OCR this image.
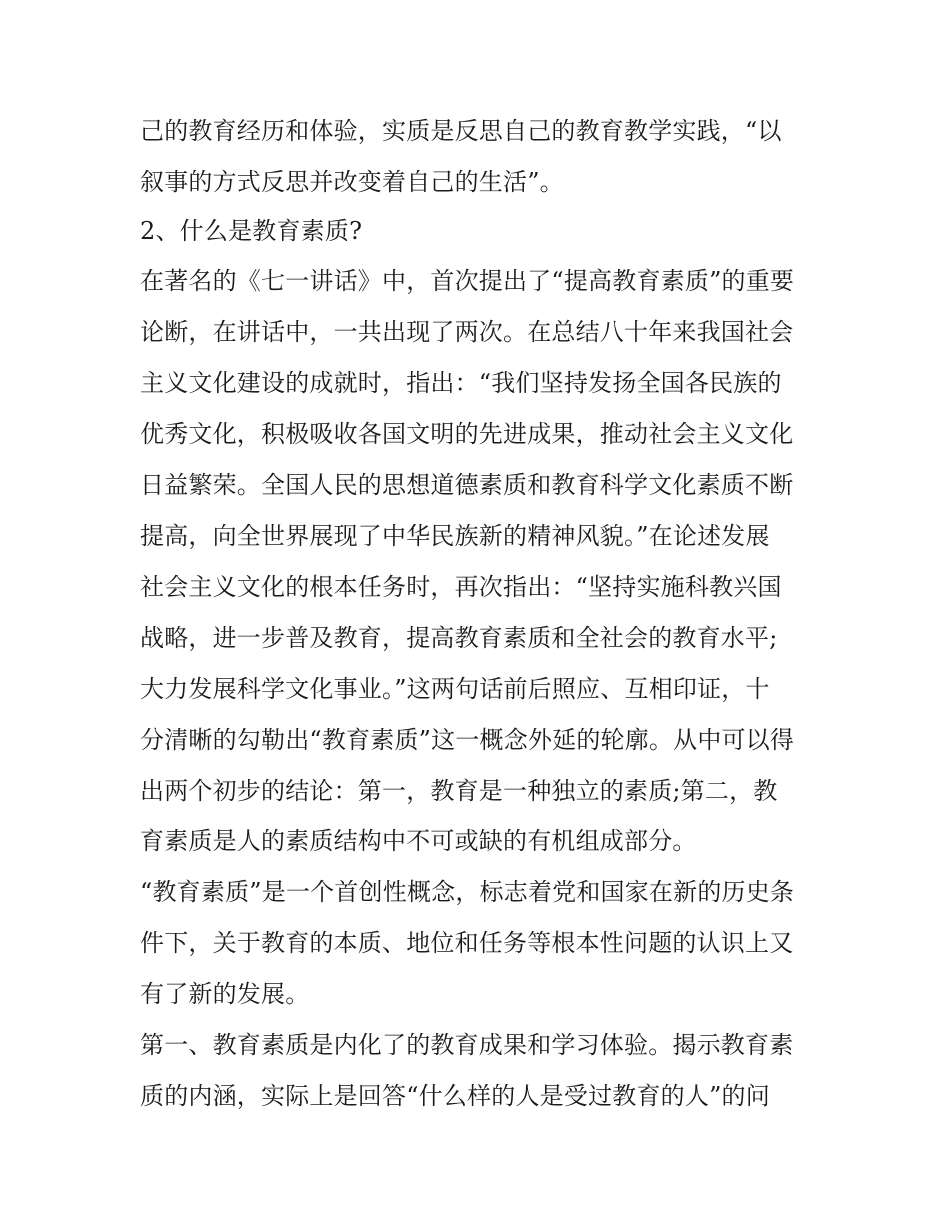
己的教育经历和体验，实质是反思自己的教育教学实践，“以
叙事的方式反思并改变着自己的生活”。
2、什么是教育素质?
在著名的《七一讲话》中，首次提出了“提高教育素质”的重要
论断，在讲话中，一共出现了两次。在总结八十年来我国社会
主义文化建设的成就时，指出：“我们坚持发扬全国各民族的
优秀文化，积极吸收各国文明的先进成果，推动社会主义文化
日益繁荣。全国人民的思想道德素质和教育科学文化素质不断
提高，向全世界展现了中华民族新的精神风貌。”在论述发展
社会主义文化的根本任务时，再次指出：“坚持实施科教兴国
战略，进一步普及教育，提高教育素质和全社会的教育水平;
大力发展科学文化事业。”这两句话前后照应、互相印证，十
分清晰的勾勒出“教育素质”这一概念外延的轮廓。从中可以得
出两个初步的结论：第一，教育是一种独立的素质;第二，教
育素质是人的素质结构中不可或缺的有机组成部分。
“教育素质”是一个首创性概念，标志着党和国家在新的历史条
件下，关于教育的本质、地位和任务等根本性问题的认识上又
有了新的发展。
第一、教育素质是内化了的教育成果和学习体验。揭示教育素
质的内涵，实际上是回答“什么样的人是受过教育的人”的问
